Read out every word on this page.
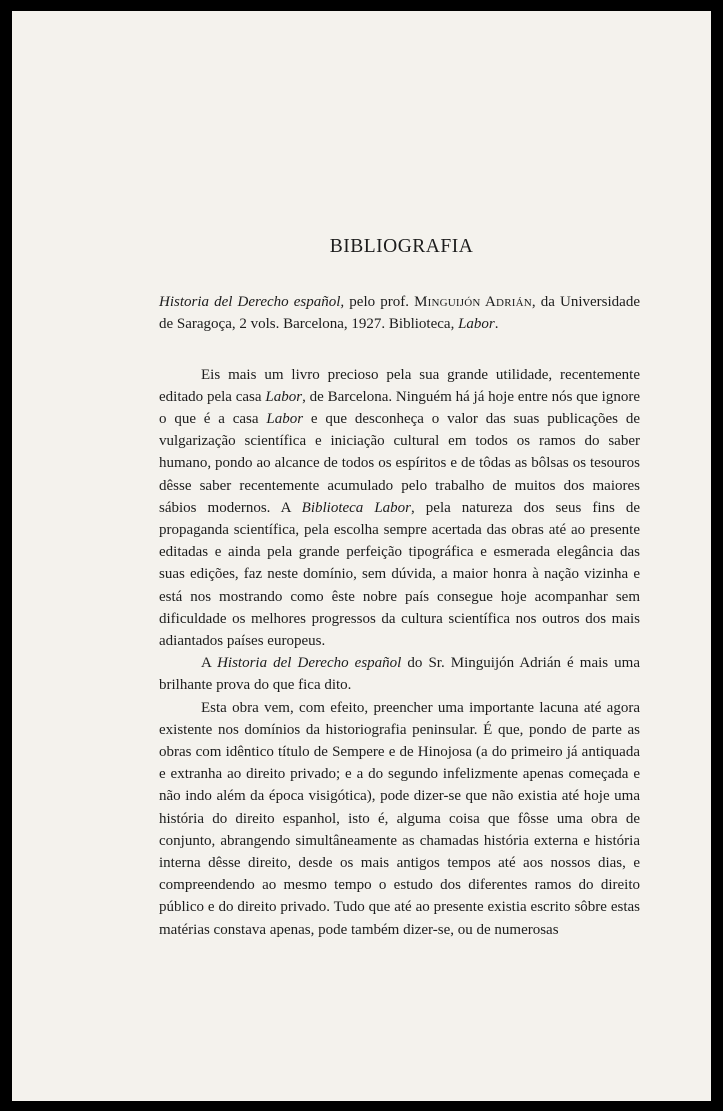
BIBLIOGRAFIA

Historia del Derecho español, pelo prof. Minguijón Adrián, da Universidade de Saragoça, 2 vols. Barcelona, 1927. Biblioteca, Labor.

Eis mais um livro precioso pela sua grande utilidade, recentemente editado pela casa Labor, de Barcelona. Ninguém há já hoje entre nós que ignore o que é a casa Labor e que desconheça o valor das suas publicações de vulgarização scientífica e iniciação cultural em todos os ramos do saber humano, pondo ao alcance de todos os espíritos e de tôdas as bôlsas os tesouros dêsse saber recentemente acumulado pelo trabalho de muitos dos maiores sábios modernos. A Biblioteca Labor, pela natureza dos seus fins de propaganda scientífica, pela escolha sempre acertada das obras até ao presente editadas e ainda pela grande perfeição tipográfica e esmerada elegância das suas edições, faz neste domínio, sem dúvida, a maior honra à nação vizinha e está nos mostrando como êste nobre país consegue hoje acompanhar sem dificuldade os melhores progressos da cultura scientífica nos outros dos mais adiantados países europeus.

A Historia del Derecho español do Sr. Minguijón Adrián é mais uma brilhante prova do que fica dito.

Esta obra vem, com efeito, preencher uma importante lacuna até agora existente nos domínios da historiografia peninsular. É que, pondo de parte as obras com idêntico título de Sempere e de Hinojosa (a do primeiro já antiquada e extranha ao direito privado; e a do segundo infelizmente apenas começada e não indo além da época visigótica), pode dizer-se que não existia até hoje uma história do direito espanhol, isto é, alguma coisa que fôsse uma obra de conjunto, abrangendo simultâneamente as chamadas história externa e história interna dêsse direito, desde os mais antigos tempos até aos nossos dias, e compreendendo ao mesmo tempo o estudo dos diferentes ramos do direito público e do direito privado. Tudo que até ao presente existia escrito sôbre estas matérias constava apenas, pode também dizer-se, ou de numerosas
